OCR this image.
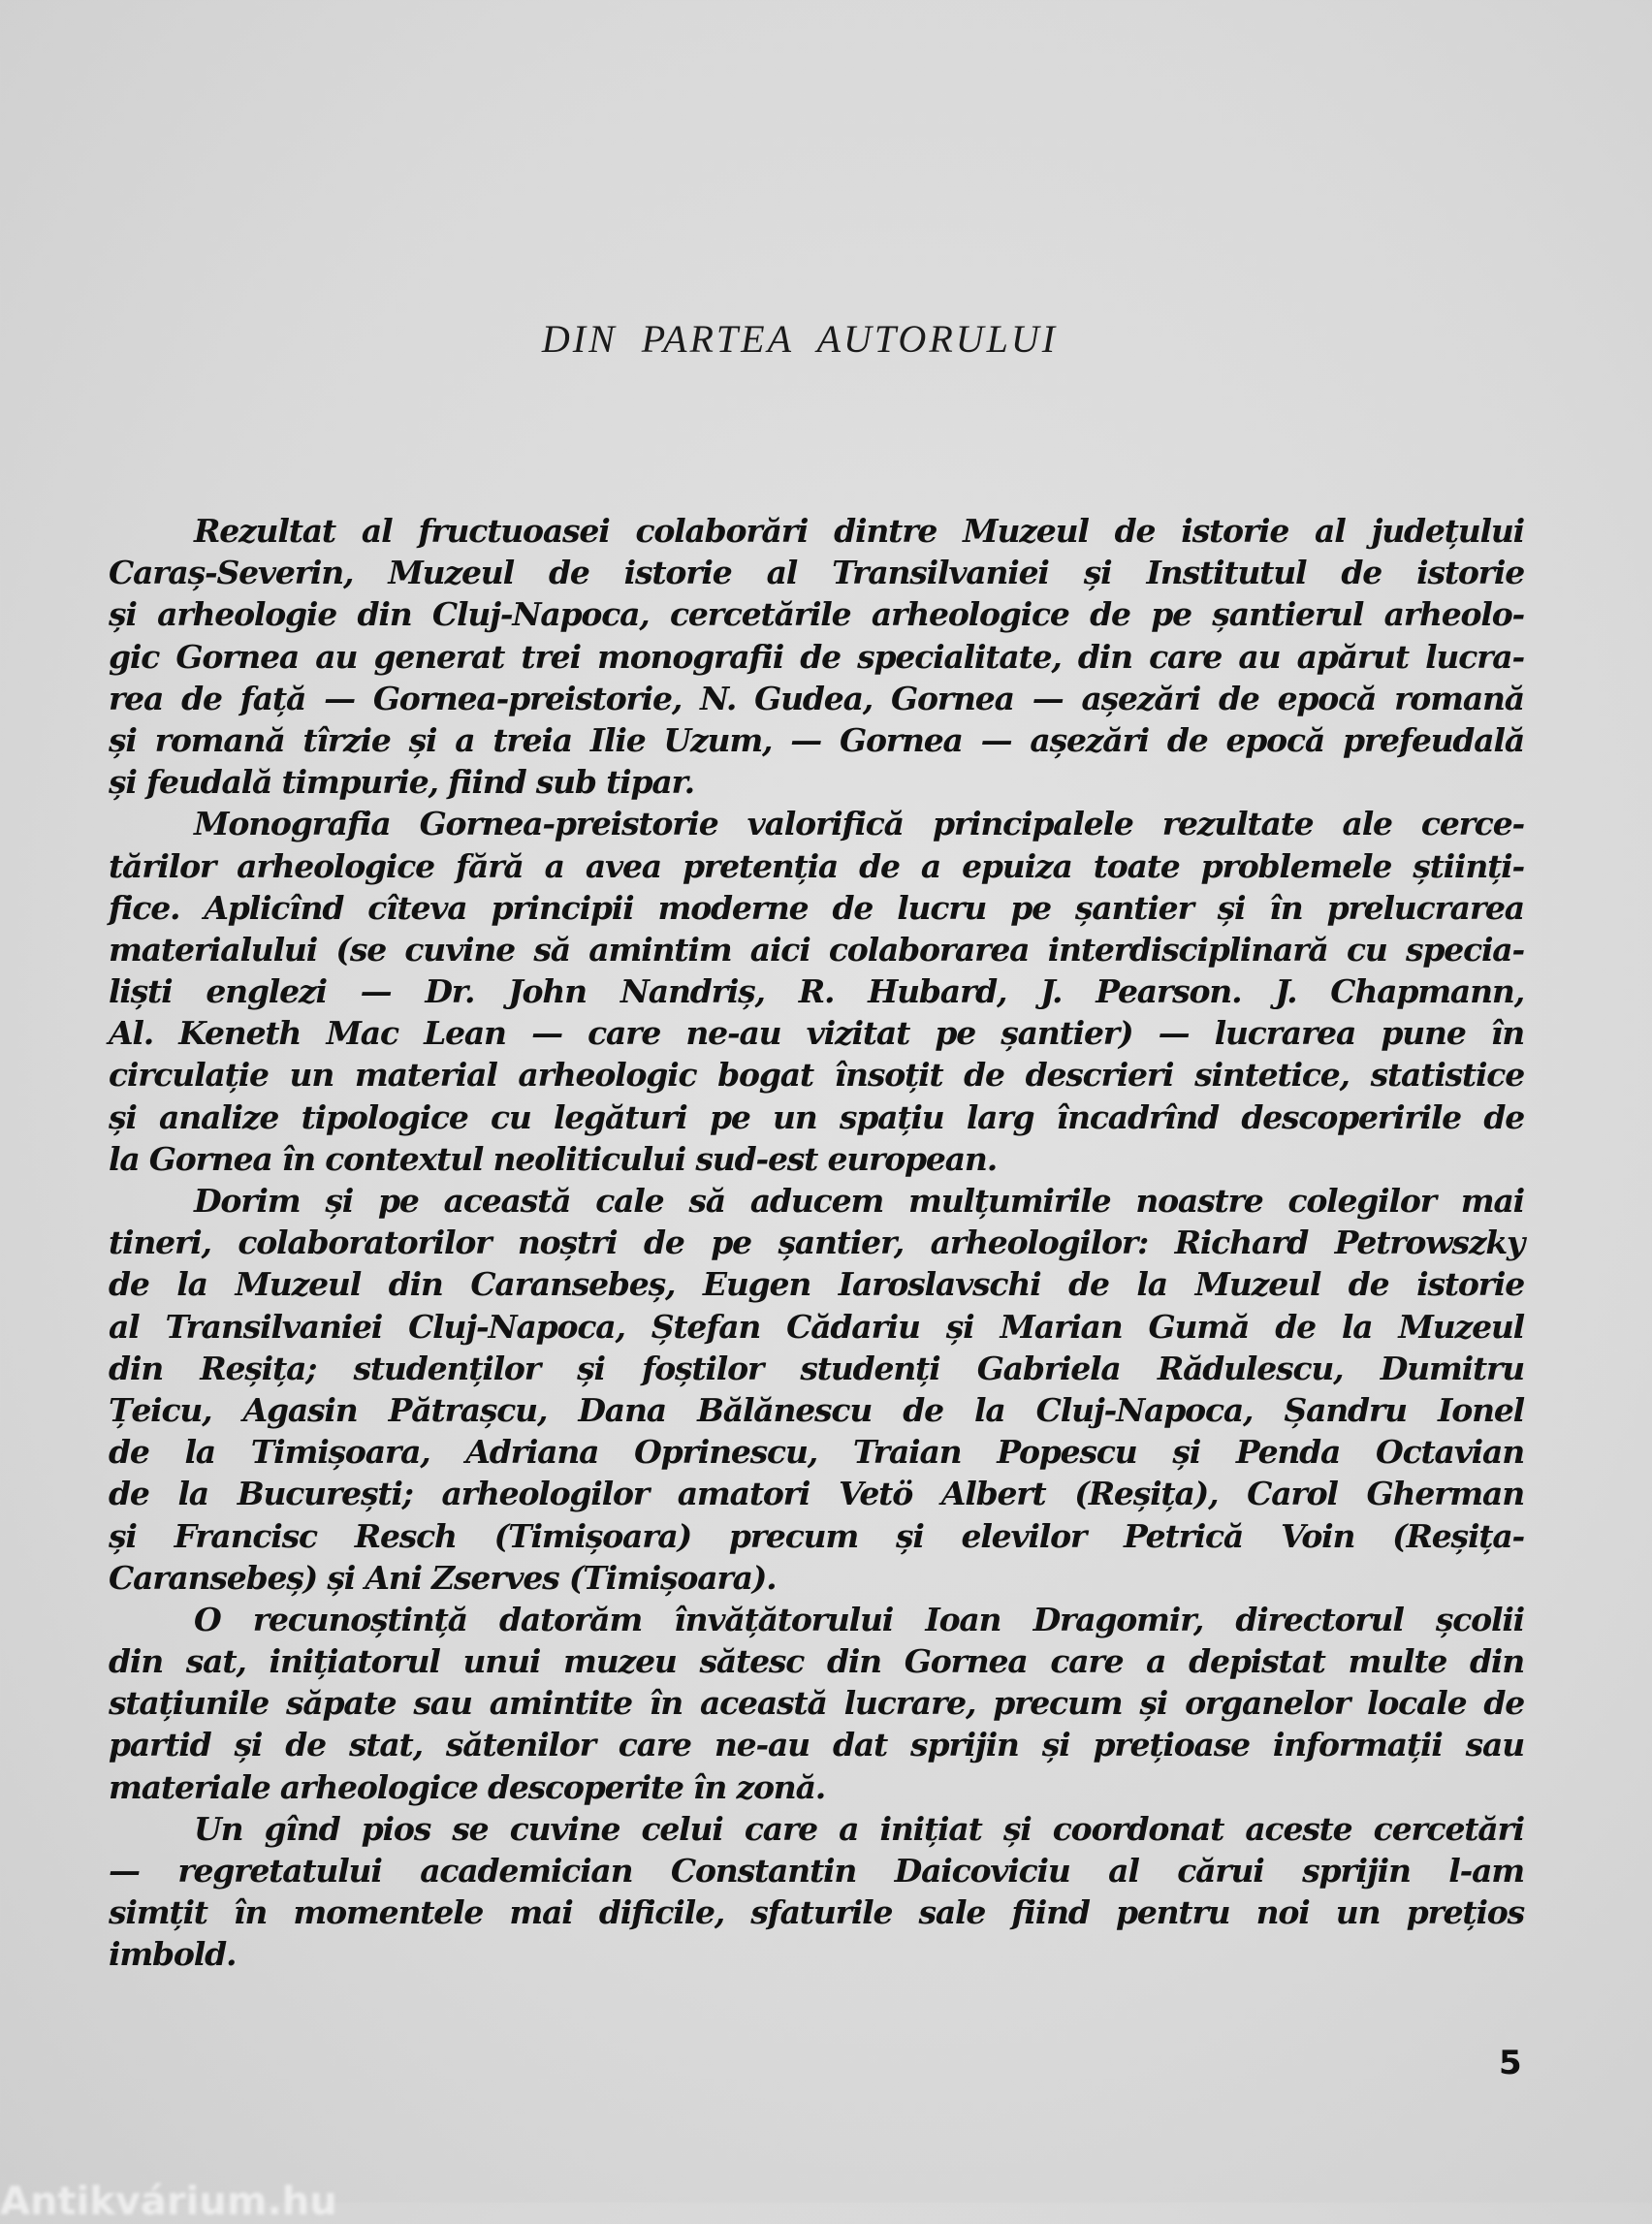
DIN PARTEA AUTORULUI
Rezultat al fructuoasei colaborări dintre Muzeul de istorie al județului
Caraș-Severin, Muzeul de istorie al Transilvaniei și Institutul de istorie
și arheologie din Cluj-Napoca, cercetările arheologice de pe șantierul arheolo-
gic Gornea au generat trei monografii de specialitate, din care au apărut lucra-
rea de față — Gornea-preistorie, N. Gudea, Gornea — așezări de epocă romană
și romană tîrzie și a treia Ilie Uzum, — Gornea — așezări de epocă prefeudală
și feudală timpurie, fiind sub tipar.
Monografia Gornea-preistorie valorifică principalele rezultate ale cerce-
tărilor arheologice fără a avea pretenția de a epuiza toate problemele științi-
fice. Aplicînd cîteva principii moderne de lucru pe șantier și în prelucrarea
materialului (se cuvine să amintim aici colaborarea interdisciplinară cu specia-
liști englezi — Dr. John Nandriș, R. Hubard, J. Pearson. J. Chapmann,
Al. Keneth Mac Lean — care ne-au vizitat pe șantier) — lucrarea pune în
circulație un material arheologic bogat însoțit de descrieri sintetice, statistice
și analize tipologice cu legături pe un spațiu larg încadrînd descoperirile de
la Gornea în contextul neoliticului sud-est european.
Dorim și pe această cale să aducem mulțumirile noastre colegilor mai
tineri, colaboratorilor noștri de pe șantier, arheologilor: Richard Petrowszky
de la Muzeul din Caransebeș, Eugen Iaroslavschi de la Muzeul de istorie
al Transilvaniei Cluj-Napoca, Ștefan Cădariu și Marian Gumă de la Muzeul
din Reșița; studenților și foștilor studenți Gabriela Rădulescu, Dumitru
Țeicu, Agasin Pătrașcu, Dana Bălănescu de la Cluj-Napoca, Șandru Ionel
de la Timișoara, Adriana Oprinescu, Traian Popescu și Penda Octavian
de la București; arheologilor amatori Vetö Albert (Reșița), Carol Gherman
și Francisc Resch (Timișoara) precum și elevilor Petrică Voin (Reșița-
Caransebeș) și Ani Zserves (Timișoara).
O recunoștință datorăm învățătorului Ioan Dragomir, directorul școlii
din sat, inițiatorul unui muzeu sătesc din Gornea care a depistat multe din
stațiunile săpate sau amintite în această lucrare, precum și organelor locale de
partid și de stat, sătenilor care ne-au dat sprijin și prețioase informații sau
materiale arheologice descoperite în zonă.
Un gînd pios se cuvine celui care a inițiat și coordonat aceste cercetări
— regretatului academician Constantin Daicoviciu al cărui sprijin l-am
simțit în momentele mai dificile, sfaturile sale fiind pentru noi un prețios
imbold.
5
Antikvárium.hu
